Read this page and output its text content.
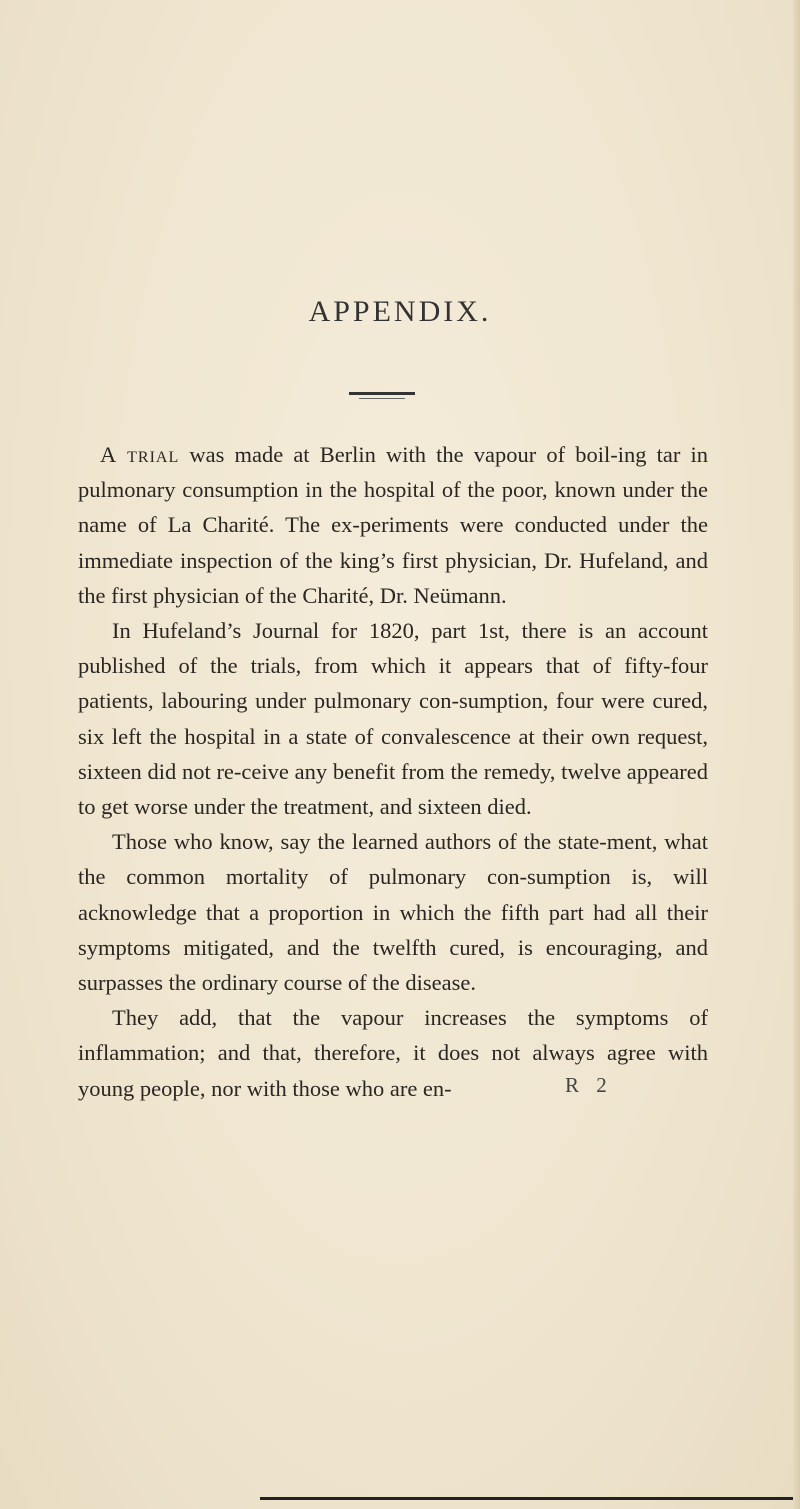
APPENDIX.

A trial was made at Berlin with the vapour of boil-ing tar in pulmonary consumption in the hospital of the poor, known under the name of La Charité. The ex-periments were conducted under the immediate inspection of the king’s first physician, Dr. Hufeland, and the first physician of the Charité, Dr. Neümann.

In Hufeland’s Journal for 1820, part 1st, there is an account published of the trials, from which it appears that of fifty-four patients, labouring under pulmonary con-sumption, four were cured, six left the hospital in a state of convalescence at their own request, sixteen did not re-ceive any benefit from the remedy, twelve appeared to get worse under the treatment, and sixteen died.

Those who know, say the learned authors of the state-ment, what the common mortality of pulmonary con-sumption is, will acknowledge that a proportion in which the fifth part had all their symptoms mitigated, and the twelfth cured, is encouraging, and surpasses the ordinary course of the disease.

They add, that the vapour increases the symptoms of inflammation; and that, therefore, it does not always agree with young people, nor with those who are en-	R 2
